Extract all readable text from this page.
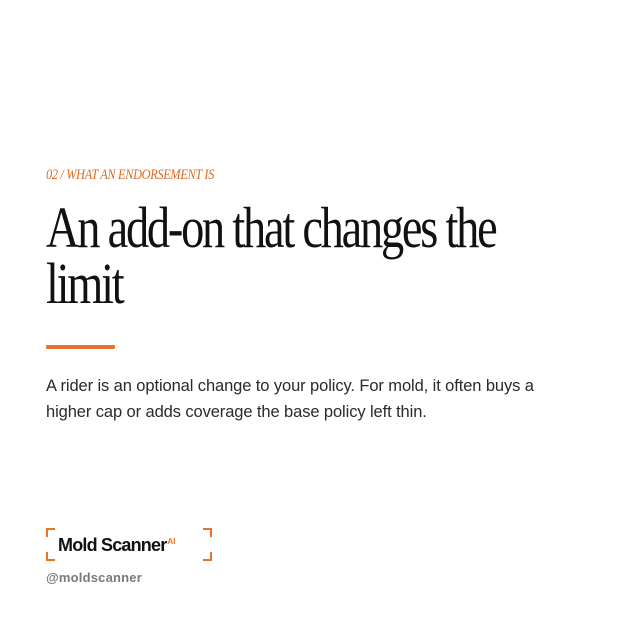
02 / WHAT AN ENDORSEMENT IS
An add-on that changes the limit

A rider is an optional change to your policy. For mold, it often buys a higher cap or adds coverage the base policy left thin.

Mold Scanner$^{AI}$
@moldscanner
